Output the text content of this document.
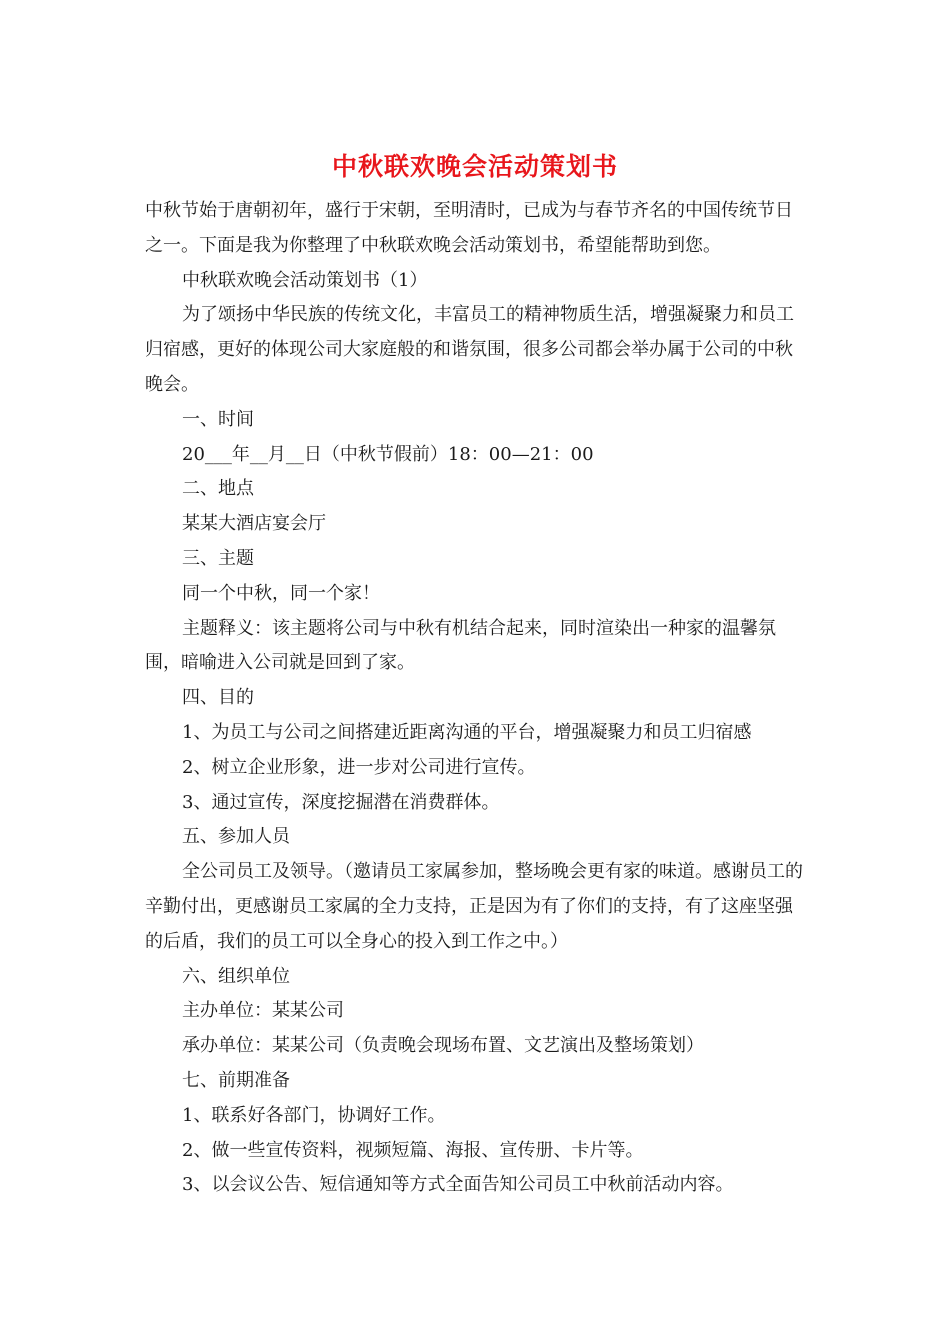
中秋联欢晚会活动策划书

中秋节始于唐朝初年，盛行于宋朝，至明清时，已成为与春节齐名的中国传统节日之一。下面是我为你整理了中秋联欢晚会活动策划书，希望能帮助到您。

中秋联欢晚会活动策划书（1）

为了颂扬中华民族的传统文化，丰富员工的精神物质生活，增强凝聚力和员工归宿感，更好的体现公司大家庭般的和谐氛围，很多公司都会举办属于公司的中秋晚会。

一、时间

20___年__月__日（中秋节假前）18：00—21：00

二、地点

某某大酒店宴会厅

三、主题

同一个中秋，同一个家！

主题释义：该主题将公司与中秋有机结合起来，同时渲染出一种家的温馨氛围，暗喻进入公司就是回到了家。

四、目的

1、为员工与公司之间搭建近距离沟通的平台，增强凝聚力和员工归宿感

2、树立企业形象，进一步对公司进行宣传。

3、通过宣传，深度挖掘潜在消费群体。

五、参加人员

全公司员工及领导。（邀请员工家属参加，整场晚会更有家的味道。感谢员工的辛勤付出，更感谢员工家属的全力支持，正是因为有了你们的支持，有了这座坚强的后盾，我们的员工可以全身心的投入到工作之中。）

六、组织单位

主办单位：某某公司

承办单位：某某公司（负责晚会现场布置、文艺演出及整场策划）

七、前期准备

1、联系好各部门，协调好工作。

2、做一些宣传资料，视频短篇、海报、宣传册、卡片等。

3、以会议公告、短信通知等方式全面告知公司员工中秋前活动内容。
